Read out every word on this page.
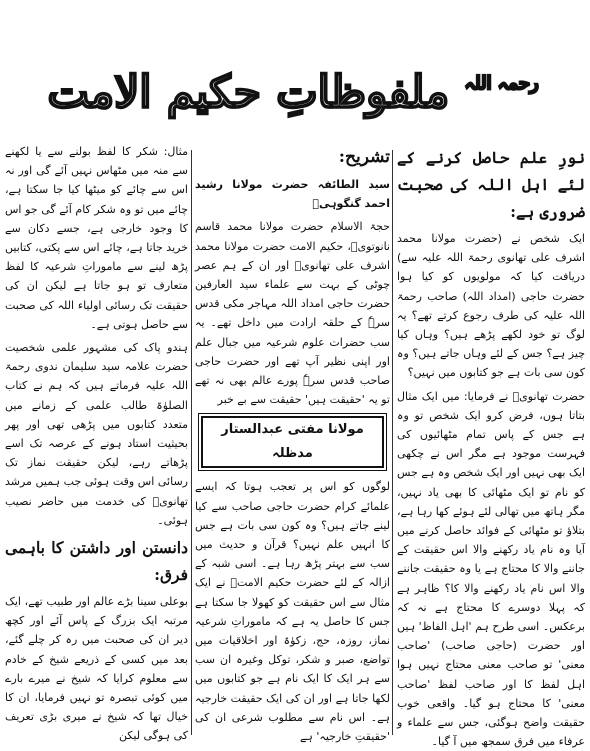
$^{رحمہ اللہ}$ ملفوظاتِ حکیم الامت
نورِ علم حاصل کرنے کے لئے اہل اللہ کی صحبت ضروری ہے:

ایک شخص نے (حضرت مولانا محمد اشرف علی تھانوی رحمۃ اللہ علیہ سے) دریافت کیا کہ مولویوں کو کیا ہوا حضرت حاجی (امداد اللہ) صاحب رحمۃ اللہ علیہ کی طرف رجوع کرتے تھے؟ یہ لوگ تو خود لکھے پڑھے ہیں؟ وہاں کیا چیز ہے؟ جس کے لئے وہاں جاتے ہیں؟ وہ کون سی بات ہے جو کتابوں میں نہیں؟

حضرت تھانویؒ نے فرمایا: میں ایک مثال بتاتا ہوں، فرض کرو ایک شخص تو وہ ہے جس کے پاس تمام مٹھائیوں کی فہرست موجود ہے مگر اس نے چکھی ایک بھی نہیں اور ایک شخص وہ ہے جس کو نام تو ایک مٹھائی کا بھی یاد نہیں، مگر ہاتھ میں تھالی لئے ہوئے کھا رہا ہے، بتلاؤ تو مٹھائی کے فوائد حاصل کرنے میں آیا وہ نام یاد رکھنے والا اس حقیقت کے جاننے والا کا محتاج ہے یا وہ حقیقت جاننے والا اس نام یاد رکھنے والا کا؟ ظاہر ہے کہ پہلا دوسرے کا محتاج ہے نہ کہ برعکس۔ اسی طرح ہم 'اہل الفاظ' ہیں اور حضرت (حاجی صاحب) 'صاحب معنی' تو صاحب معنی محتاج نہیں ہوا اہل لفظ کا اور صاحب لفظ 'صاحب معنی' کا محتاج ہو گیا۔ واقعی خوب حقیقت واضح ہوگئی، جس سے علماء و عرفاء میں فرق سمجھ میں آ گیا۔

تشریح:

سید الطائفہ حضرت مولانا رشید احمد گنگوہیؒ

حجۃ الاسلام حضرت مولانا محمد قاسم نانوتویؒ، حکیم الامت حضرت مولانا محمد اشرف علی تھانویؒ اور ان کے ہم عصر چوٹی کے بہت سے علماء سید العارفین حضرت حاجی امداد اللہ مہاجر مکی قدس سرہٗ کے حلقہ ارادت میں داخل تھے۔ یہ سب حضرات علوم شرعیہ میں جبال علم اور اپنی نظیر آپ تھے اور حضرت حاجی صاحب قدس سرہٗ پورے عالم بھی نہ تھے تو یہ 'حقیقت ہیں' حقیقت سے بے خبر

مولانا مفتی عبدالستار مدظلہ

لوگوں کو اس پر تعجب ہوتا کہ ایسے علمائے کرام حضرت حاجی صاحب سے کیا لینے جاتے ہیں؟ وہ کون سی بات ہے جس کا انہیں علم نہیں؟ قرآن و حدیث میں سب سے بہتر پڑھ رہا ہے۔ اسی شبہ کے ازالہ کے لئے حضرت حکیم الامتؒ نے ایک مثال سے اس حقیقت کو کھولا جا سکتا ہے جس کا حاصل یہ ہے کہ ماموراتِ شرعیہ نماز، روزہ، حج، زکوٰۃ اور اخلاقیات میں تواضع، صبر و شکر، توکل وغیرہ ان سب سے ہر ایک کا ایک نام ہے جو کتابوں میں لکھا جاتا ہے اور ان کی ایک حقیقت خارجیہ ہے۔ اس نام سے مطلوب شرعی ان کی 'حقیقتِ خارجیہ' ہے

مثال: شکر کا لفظ بولنے سے یا لکھنے سے منہ میں مٹھاس نہیں آئے گی اور نہ اس سے چائے کو میٹھا کیا جا سکتا ہے، چائے میں تو وہ شکر کام آئے گی جو اس کا وجود خارجی ہے، جسے دکان سے خرید جاتا ہے، چائے اس سے پکتی، کتابیں پڑھ لینے سے ماموراتِ شرعیہ کا لفظ متعارف تو ہو جاتا ہے لیکن ان کی حقیقت تک رسائی اولیاء اللہ کی صحبت سے حاصل ہوتی ہے۔

ہندو پاک کی مشہور علمی شخصیت حضرت علامہ سید سلیمان ندوی رحمۃ اللہ علیہ فرماتے ہیں کہ ہم نے کتاب الصلوٰۃ طالب علمی کے زمانے میں متعدد کتابوں میں پڑھی تھی اور پھر بحیثیت استاد ہونے کے عرصہ تک اسے پڑھاتے رہے، لیکن حقیقت نماز تک رسائی اس وقت ہوئی جب ہمیں مرشد تھانویؒ کی خدمت میں حاضر نصیب ہوئی۔

دانستن اور داشتن کا باہمی فرق:

بوعلی سینا بڑے عالم اور طبیب تھے، ایک مرتبہ ایک بزرگ کے پاس آئے اور کچھ دیر ان کی صحبت میں رہ کر چلے گئے، بعد میں کسی کے ذریعے شیخ کے خادم سے معلوم کرایا کہ شیخ نے میرے بارے میں کوئی تبصرہ تو نہیں فرمایا، ان کا خیال تھا کہ شیخ نے میری بڑی تعریف کی ہوگی لیکن
